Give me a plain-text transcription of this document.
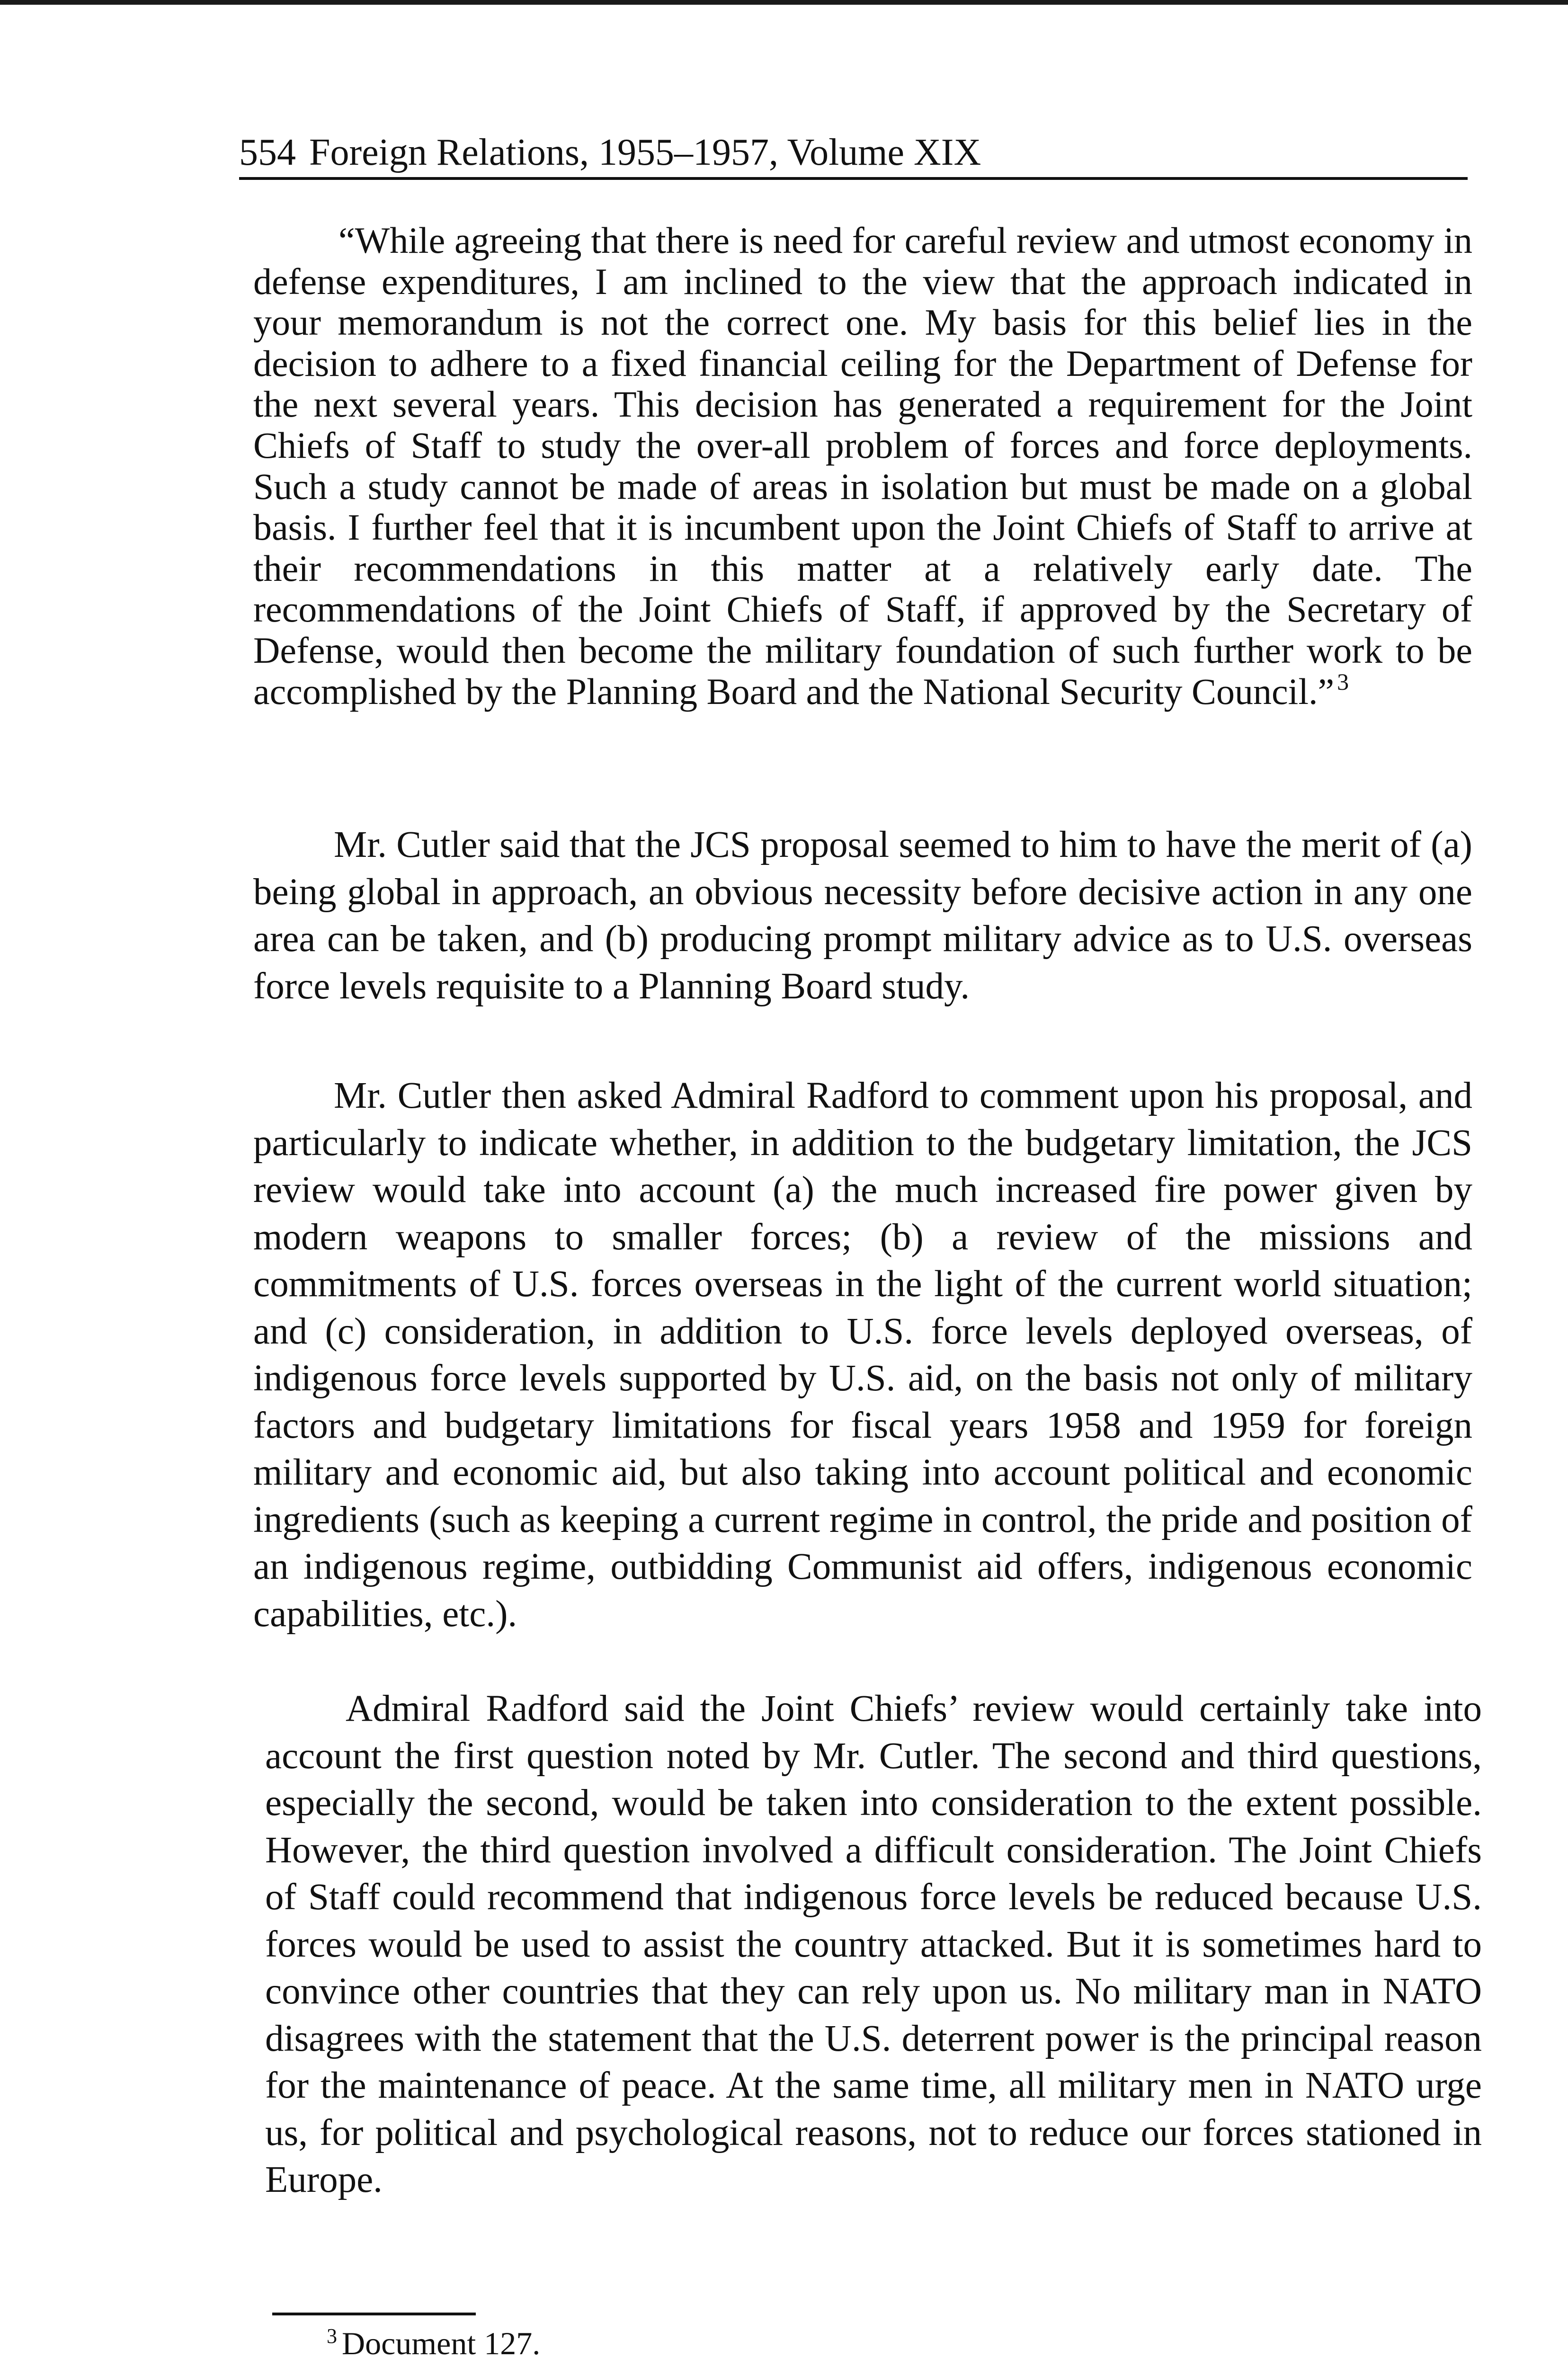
554 Foreign Relations, 1955–1957, Volume XIX

“While agreeing that there is need for careful review and utmost economy in defense expenditures, I am inclined to the view that the approach indicated in your memorandum is not the correct one. My basis for this belief lies in the decision to adhere to a fixed financial ceiling for the Department of Defense for the next several years. This decision has generated a requirement for the Joint Chiefs of Staff to study the over-all problem of forces and force deployments. Such a study cannot be made of areas in isolation but must be made on a global basis. I further feel that it is incumbent upon the Joint Chiefs of Staff to arrive at their recommendations in this matter at a relatively early date. The recommendations of the Joint Chiefs of Staff, if approved by the Secretary of Defense, would then become the military foundation of such further work to be accomplished by the Planning Board and the National Security Council.” $^3$

Mr. Cutler said that the JCS proposal seemed to him to have the merit of (a) being global in approach, an obvious necessity before decisive action in any one area can be taken, and (b) producing prompt military advice as to U.S. overseas force levels requisite to a Planning Board study.

Mr. Cutler then asked Admiral Radford to comment upon his proposal, and particularly to indicate whether, in addition to the budgetary limitation, the JCS review would take into account (a) the much increased fire power given by modern weapons to smaller forces; (b) a review of the missions and commitments of U.S. forces overseas in the light of the current world situation; and (c) consideration, in addition to U.S. force levels deployed overseas, of indigenous force levels supported by U.S. aid, on the basis not only of military factors and budgetary limitations for fiscal years 1958 and 1959 for foreign military and economic aid, but also taking into account political and economic ingredients (such as keeping a current regime in control, the pride and position of an indigenous regime, outbidding Communist aid offers, indigenous economic capabilities, etc.).

Admiral Radford said the Joint Chiefs’ review would certainly take into account the first question noted by Mr. Cutler. The second and third questions, especially the second, would be taken into consideration to the extent possible. However, the third question involved a difficult consideration. The Joint Chiefs of Staff could recommend that indigenous force levels be reduced because U.S. forces would be used to assist the country attacked. But it is sometimes hard to convince other countries that they can rely upon us. No military man in NATO disagrees with the statement that the U.S. deterrent power is the principal reason for the maintenance of peace. At the same time, all military men in NATO urge us, for political and psychological reasons, not to reduce our forces stationed in Europe.

$^3$ Document 127.
